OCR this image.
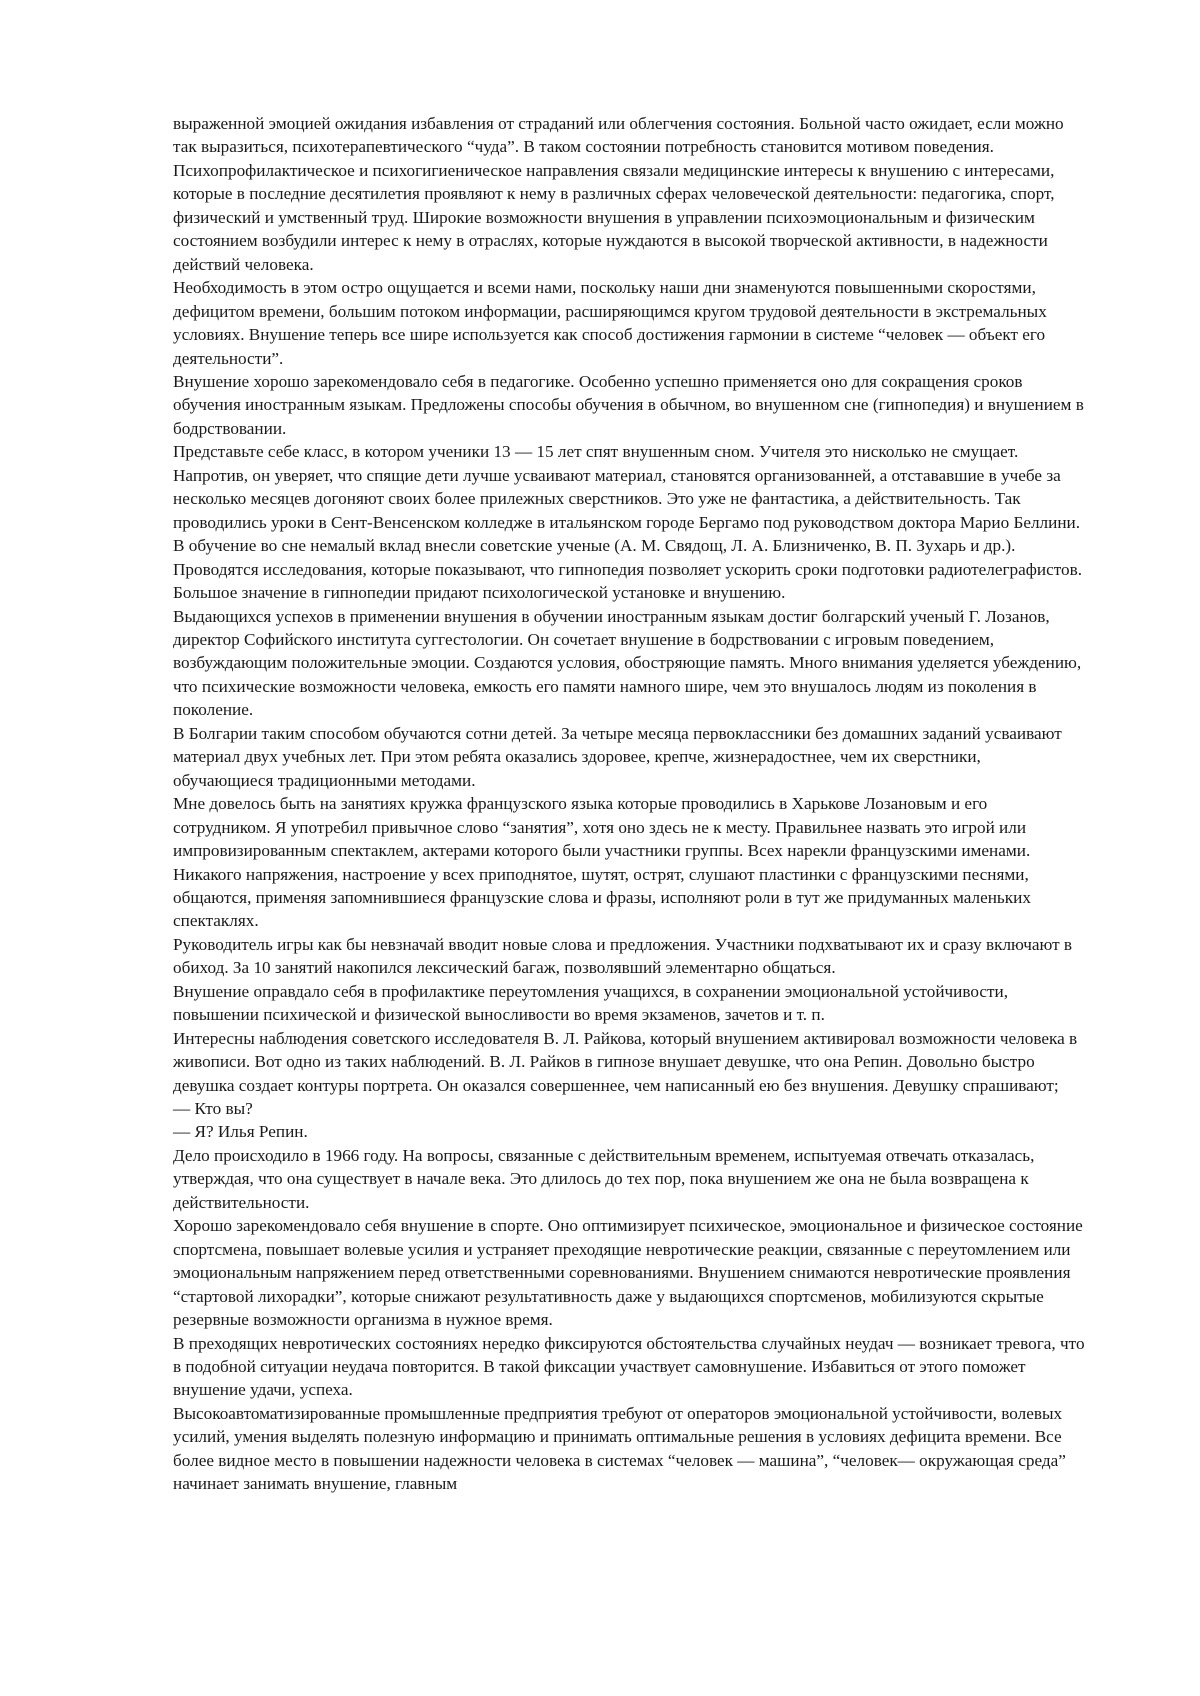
выраженной эмоцией ожидания избавления от страданий или облегчения состояния. Больной часто ожидает, если можно так выразиться, психотерапевтического “чуда”. В таком состоянии потребность становится мотивом поведения.

Психопрофилактическое и психогигиеническое направления связали медицинские интересы к внушению с интересами, которые в последние десятилетия проявляют к нему в различных сферах человеческой деятельности: педагогика, спорт, физический и умственный труд. Широкие возможности внушения в управлении психоэмоциональным и физическим состоянием возбудили интерес к нему в отраслях, которые нуждаются в высокой творческой активности, в надежности действий человека.

Необходимость в этом остро ощущается и всеми нами, поскольку наши дни знаменуются повышенными скоростями, дефицитом времени, большим потоком информации, расширяющимся кругом трудовой деятельности в экстремальных условиях. Внушение теперь все шире используется как способ достижения гармонии в системе “человек — объект его деятельности”.

Внушение хорошо зарекомендовало себя в педагогике. Особенно успешно применяется оно для сокращения сроков обучения иностранным языкам. Предложены способы обучения в обычном, во внушенном сне (гипнопедия) и внушением в бодрствовании.

Представьте себе класс, в котором ученики 13 — 15 лет спят внушенным сном. Учителя это нисколько не смущает. Напротив, он уверяет, что спящие дети лучше усваивают материал, становятся организованней, а отстававшие в учебе за несколько месяцев догоняют своих более прилежных сверстников. Это уже не фантастика, а действительность. Так проводились уроки в Сент-Венсенском колледже в итальянском городе Бергамо под руководством доктора Марио Беллини.

В обучение во сне немалый вклад внесли советские ученые (А. М. Свядощ, Л. А. Близниченко, В. П. Зухарь и др.). Проводятся исследования, которые показывают, что гипнопедия позволяет ускорить сроки подготовки радиотелеграфистов. Большое значение в гипнопедии придают психологической установке и внушению.

Выдающихся успехов в применении внушения в обучении иностранным языкам достиг болгарский ученый Г. Лозанов, директор Софийского института суггестологии. Он сочетает внушение в бодрствовании с игровым поведением, возбуждающим положительные эмоции. Создаются условия, обостряющие память. Много внимания уделяется убеждению, что психические возможности человека, емкость его памяти намного шире, чем это внушалось людям из поколения в поколение.

В Болгарии таким способом обучаются сотни детей. За четыре месяца первоклассники без домашних заданий усваивают материал двух учебных лет. При этом ребята оказались здоровее, крепче, жизнерадостнее, чем их сверстники, обучающиеся традиционными методами.

Мне довелось быть на занятиях кружка французского языка которые проводились в Харькове Лозановым и его сотрудником. Я употребил привычное слово “занятия”, хотя оно здесь не к месту. Правильнее назвать это игрой или импровизированным спектаклем, актерами которого были участники группы. Всех нарекли французскими именами. Никакого напряжения, настроение у всех приподнятое, шутят, острят, слушают пластинки с французскими песнями, общаются, применяя запомнившиеся французские слова и фразы, исполняют роли в тут же придуманных маленьких спектаклях.

Руководитель игры как бы невзначай вводит новые слова и предложения. Участники подхватывают их и сразу включают в обиход. За 10 занятий накопился лексический багаж, позволявший элементарно общаться.

Внушение оправдало себя в профилактике переутомления учащихся, в сохранении эмоциональной устойчивости, повышении психической и физической выносливости во время экзаменов, зачетов и т. п.

Интересны наблюдения советского исследователя В. Л. Райкова, который внушением активировал возможности человека в живописи. Вот одно из таких наблюдений. В. Л. Райков в гипнозе внушает девушке, что она Репин. Довольно быстро девушка создает контуры портрета. Он оказался совершеннее, чем написанный ею без внушения. Девушку спрашивают;

— Кто вы?

— Я? Илья Репин.

Дело происходило в 1966 году. На вопросы, связанные с действительным временем, испытуемая отвечать отказалась, утверждая, что она существует в начале века. Это длилось до тех пор, пока внушением же она не была возвращена к действительности.

Хорошо зарекомендовало себя внушение в спорте. Оно оптимизирует психическое, эмоциональное и физическое состояние спортсмена, повышает волевые усилия и устраняет преходящие невротические реакции, связанные с переутомлением или эмоциональным напряжением перед ответственными соревнованиями. Внушением снимаются невротические проявления “стартовой лихорадки”, которые снижают результативность даже у выдающихся спортсменов, мобилизуются скрытые резервные возможности организма в нужное время.

В преходящих невротических состояниях нередко фиксируются обстоятельства случайных неудач — возникает тревога, что в подобной ситуации неудача повторится. В такой фиксации участвует самовнушение. Избавиться от этого поможет внушение удачи, успеха.

Высокоавтоматизированные промышленные предприятия требуют от операторов эмоциональной устойчивости, волевых усилий, умения выделять полезную информацию и принимать оптимальные решения в условиях дефицита времени. Все более видное место в повышении надежности человека в системах “человек — машина”, “человек— окружающая среда” начинает занимать внушение, главным
